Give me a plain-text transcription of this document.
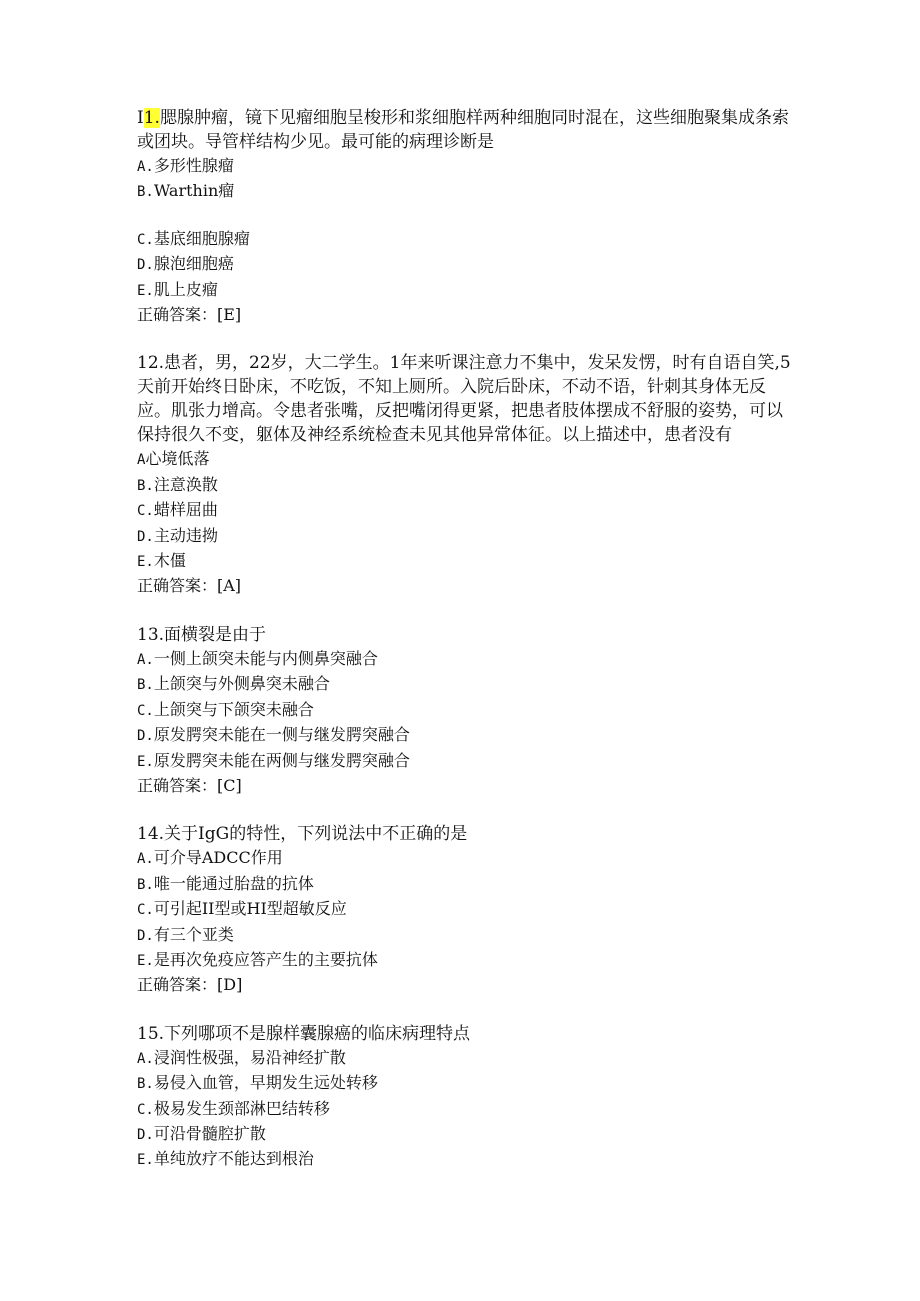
I1.腮腺肿瘤，镜下见瘤细胞呈梭形和浆细胞样两种细胞同时混在，这些细胞聚集成条索或团块。导管样结构少见。最可能的病理诊断是

A.多形性腺瘤

B.Warthin瘤

C.基底细胞腺瘤

D.腺泡细胞癌

E.肌上皮瘤

正确答案：[E]

12.患者，男，22岁，大二学生。1年来听课注意力不集中，发呆发愣，时有自语自笑,5天前开始终日卧床，不吃饭，不知上厕所。入院后卧床，不动不语，针刺其身体无反应。肌张力增高。令患者张嘴，反把嘴闭得更紧，把患者肢体摆成不舒服的姿势，可以保持很久不变，躯体及神经系统检查未见其他异常体征。以上描述中，患者没有

A心境低落

B.注意涣散

C.蜡样屈曲

D.主动违拗

E.木僵

正确答案：[A]

13.面横裂是由于

A.一侧上颌突未能与内侧鼻突融合

B.上颌突与外侧鼻突未融合

C.上颌突与下颌突未融合

D.原发腭突未能在一侧与继发腭突融合

E.原发腭突未能在两侧与继发腭突融合

正确答案：[C]

14.关于IgG的特性，下列说法中不正确的是

A.可介导ADCC作用

B.唯一能通过胎盘的抗体

C.可引起II型或HI型超敏反应

D.有三个亚类

E.是再次免疫应答产生的主要抗体

正确答案：[D]

15.下列哪项不是腺样囊腺癌的临床病理特点

A.浸润性极强，易沿神经扩散

B.易侵入血管，早期发生远处转移

C.极易发生颈部淋巴结转移

D.可沿骨髓腔扩散

E.单纯放疗不能达到根治
